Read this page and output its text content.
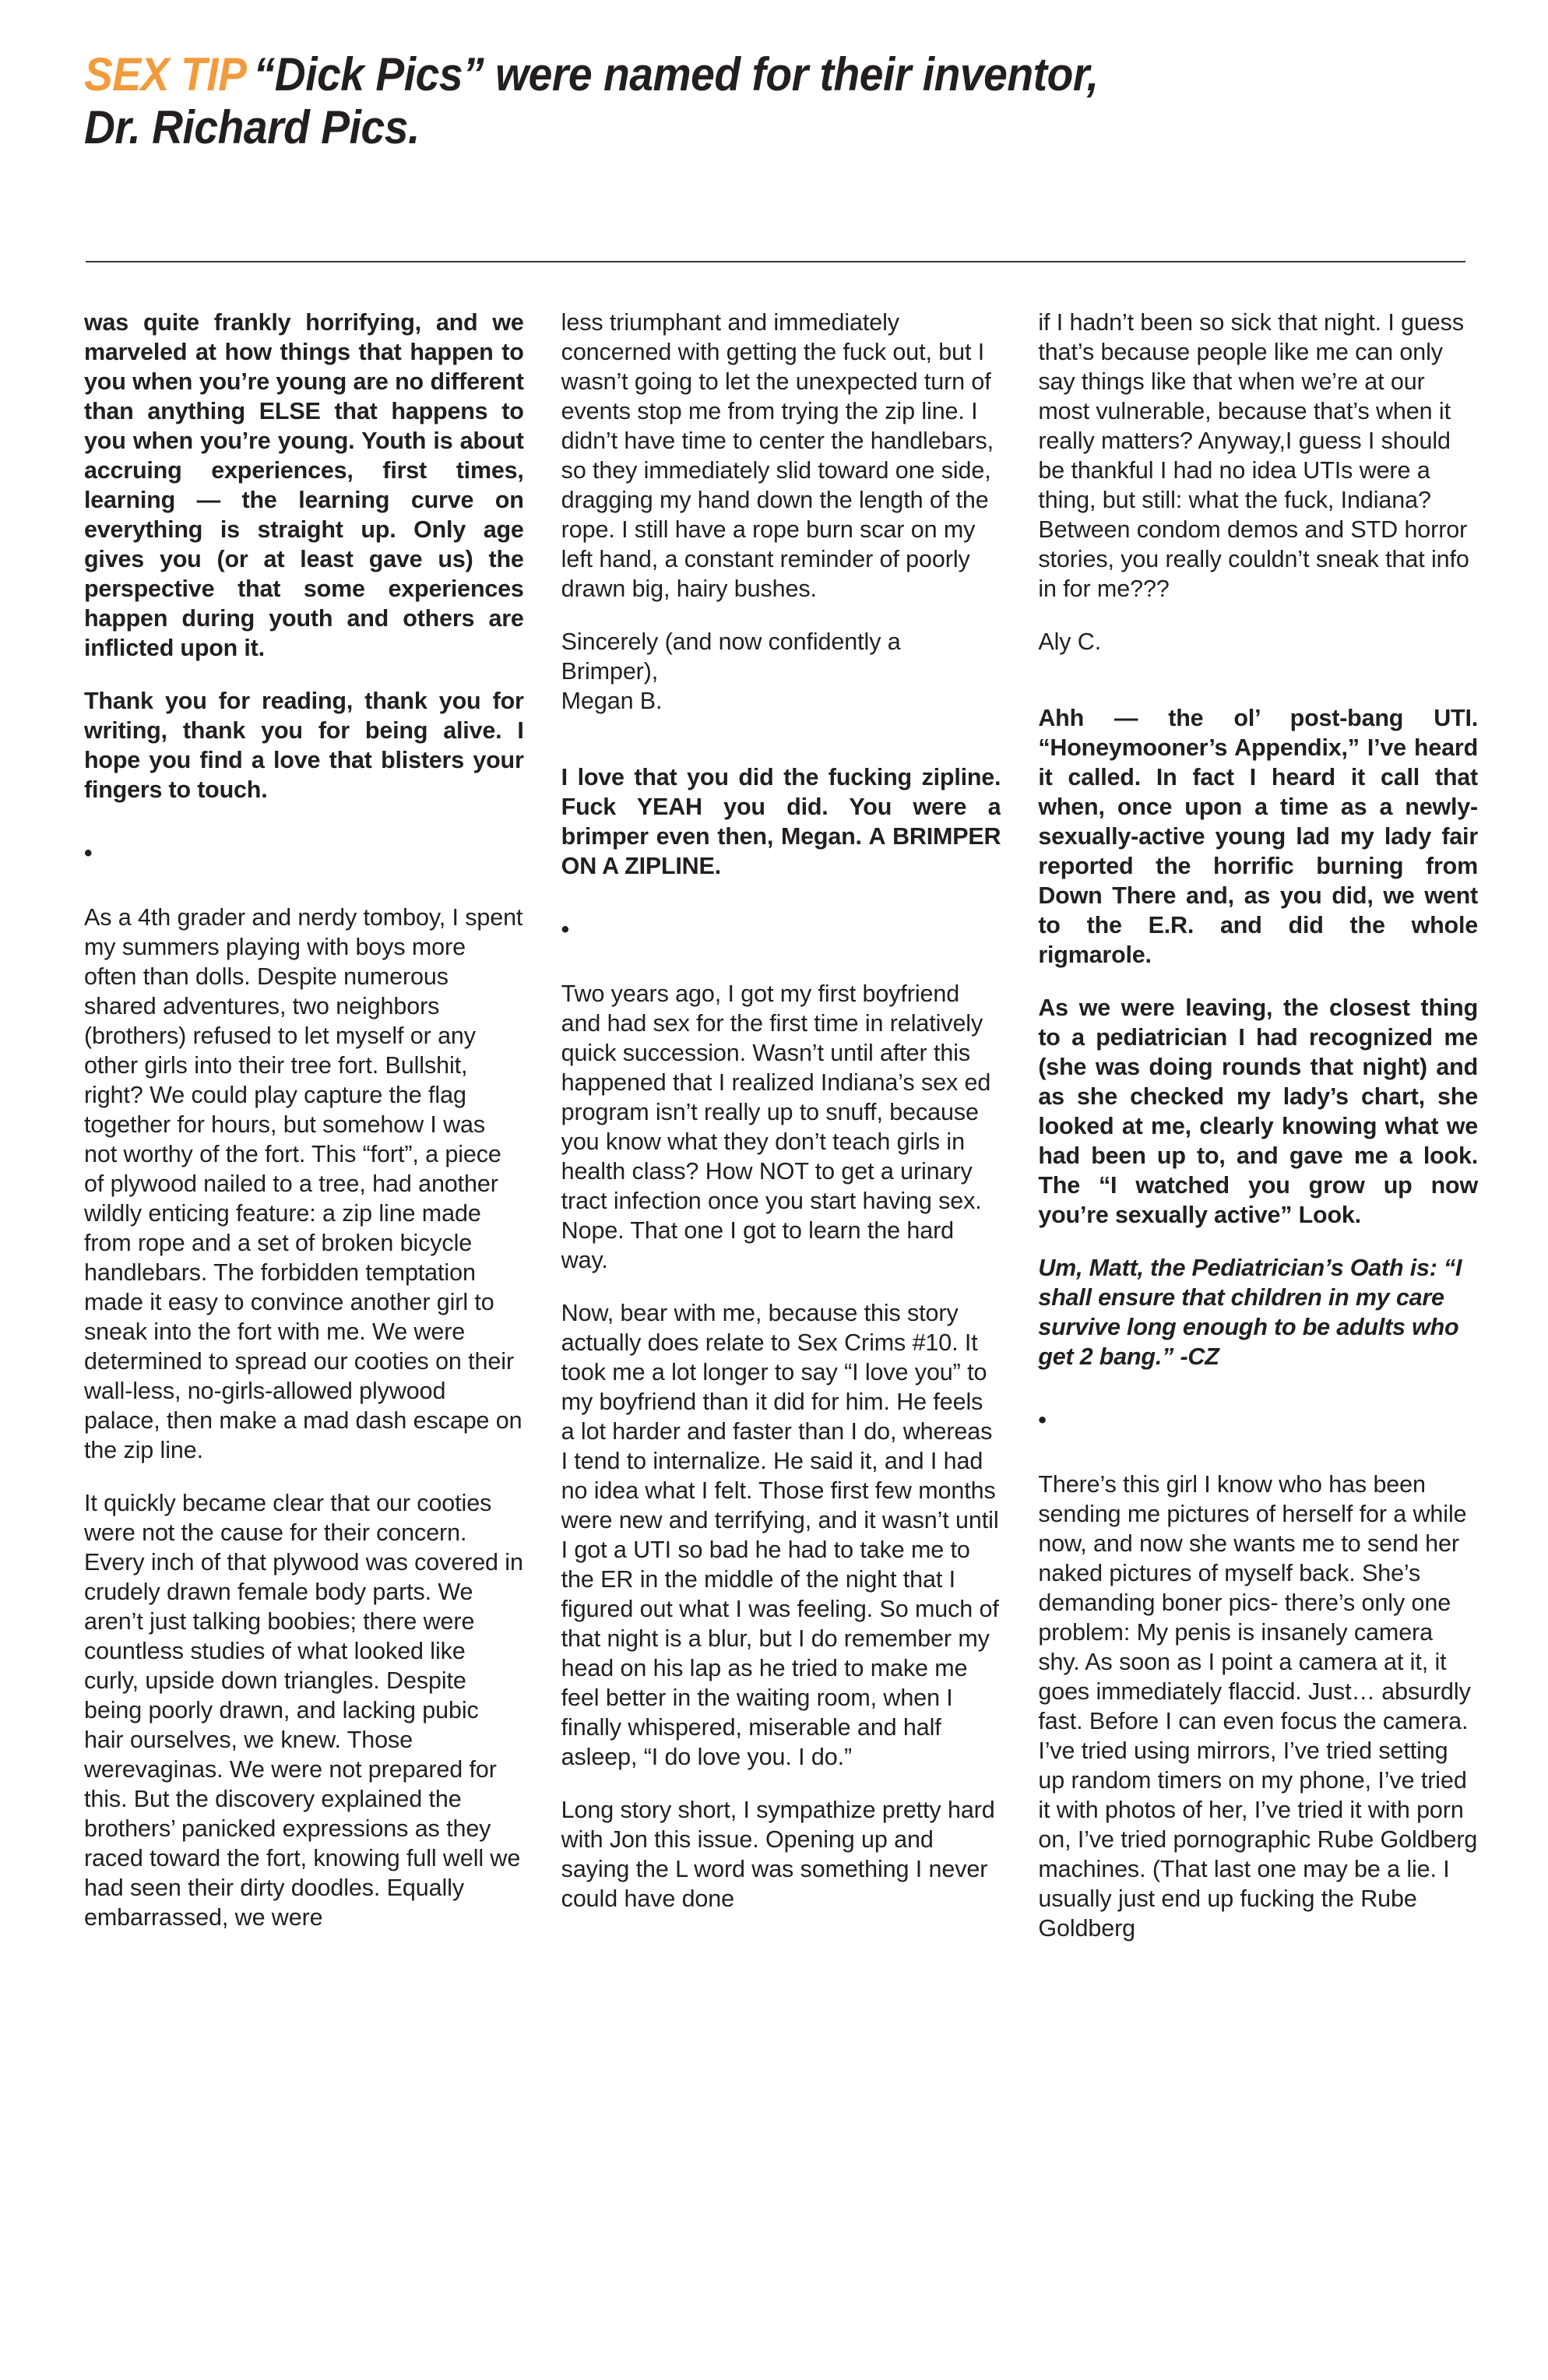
SEX TIP “Dick Pics” were named for their inventor,
Dr. Richard Pics.

was quite frankly horrifying, and we marveled at how things that happen to you when you’re young are no different than anything ELSE that happens to you when you’re young. Youth is about accruing experiences, first times, learning — the learning curve on everything is straight up. Only age gives you (or at least gave us) the perspective that some experiences happen during youth and others are inflicted upon it.

Thank you for reading, thank you for writing, thank you for being alive. I hope you find a love that blisters your fingers to touch.

•

As a 4th grader and nerdy tomboy, I spent my summers playing with boys more often than dolls. Despite numerous shared adventures, two neighbors (brothers) refused to let myself or any other girls into their tree fort. Bullshit, right? We could play capture the flag together for hours, but somehow I was not worthy of the fort. This “fort”, a piece of plywood nailed to a tree, had another wildly enticing feature: a zip line made from rope and a set of broken bicycle handlebars. The forbidden temptation made it easy to convince another girl to sneak into the fort with me. We were determined to spread our cooties on their wall-less, no-girls-allowed plywood palace, then make a mad dash escape on the zip line.

It quickly became clear that our cooties were not the cause for their concern. Every inch of that plywood was covered in crudely drawn female body parts. We aren’t just talking boobies; there were countless studies of what looked like curly, upside down triangles. Despite being poorly drawn, and lacking pubic hair ourselves, we knew. Those werevaginas. We were not prepared for this. But the discovery explained the brothers’ panicked expressions as they raced toward the fort, knowing full well we had seen their dirty doodles. Equally embarrassed, we were

less triumphant and immediately concerned with getting the fuck out, but I wasn’t going to let the unexpected turn of events stop me from trying the zip line. I didn’t have time to center the handlebars, so they immediately slid toward one side, dragging my hand down the length of the rope. I still have a rope burn scar on my left hand, a constant reminder of poorly drawn big, hairy bushes.

Sincerely (and now confidently a
Brimper),
Megan B.

I love that you did the fucking zipline. Fuck YEAH you did. You were a brimper even then, Megan. A BRIMPER ON A ZIPLINE.

•

Two years ago, I got my first boyfriend and had sex for the first time in relatively quick succession. Wasn’t until after this happened that I realized Indiana’s sex ed program isn’t really up to snuff, because you know what they don’t teach girls in health class? How NOT to get a urinary tract infection once you start having sex. Nope. That one I got to learn the hard way.

Now, bear with me, because this story actually does relate to Sex Crims #10. It took me a lot longer to say “I love you” to my boyfriend than it did for him. He feels a lot harder and faster than I do, whereas I tend to internalize. He said it, and I had no idea what I felt. Those first few months were new and terrifying, and it wasn’t until I got a UTI so bad he had to take me to the ER in the middle of the night that I figured out what I was feeling. So much of that night is a blur, but I do remember my head on his lap as he tried to make me feel better in the waiting room, when I finally whispered, miserable and half asleep, “I do love you. I do.”

Long story short, I sympathize pretty hard with Jon this issue. Opening up and saying the L word was something I never could have done

if I hadn’t been so sick that night. I guess that’s because people like me can only say things like that when we’re at our most vulnerable, because that’s when it really matters? Anyway,I guess I should be thankful I had no idea UTIs were a thing, but still: what the fuck, Indiana? Between condom demos and STD horror stories, you really couldn’t sneak that info in for me???

Aly C.

Ahh — the ol’ post-bang UTI. “Honeymooner’s Appendix,” I’ve heard it called. In fact I heard it call that when, once upon a time as a newly-sexually-active young lad my lady fair reported the horrific burning from Down There and, as you did, we went to the E.R. and did the whole rigmarole.

As we were leaving, the closest thing to a pediatrician I had recognized me (she was doing rounds that night) and as she checked my lady’s chart, she looked at me, clearly knowing what we had been up to, and gave me a look. The “I watched you grow up now you’re sexually active” Look.

Um, Matt, the Pediatrician’s Oath is: “I shall ensure that children in my care survive long enough to be adults who get 2 bang.” -CZ

•

There’s this girl I know who has been sending me pictures of herself for a while now, and now she wants me to send her naked pictures of myself back. She’s demanding boner pics- there’s only one problem: My penis is insanely camera shy. As soon as I point a camera at it, it goes immediately flaccid. Just… absurdly fast. Before I can even focus the camera. I’ve tried using mirrors, I’ve tried setting up random timers on my phone, I’ve tried it with photos of her, I’ve tried it with porn on, I’ve tried pornographic Rube Goldberg machines. (That last one may be a lie. I usually just end up fucking the Rube Goldberg
